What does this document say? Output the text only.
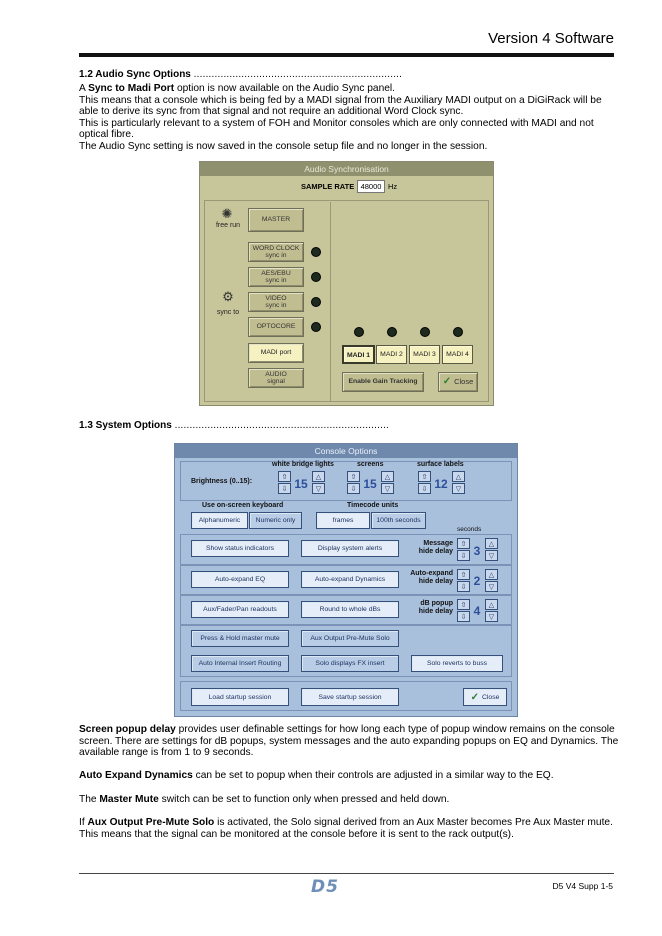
Version 4 Software
1.2 Audio Sync Options ......................................................................
A Sync to Madi Port option is now available on the Audio Sync panel.
This means that a console which is being fed by a MADI signal from the Auxiliary MADI output on a DiGiRack will be able to derive its sync from that signal and not require an additional Word Clock sync.
This is particularly relevant to a system of FOH and Monitor consoles which are only connected with MADI and not optical fibre.
The Audio Sync setting is now saved in the console setup file and no longer in the session.
Audio Synchronisation
SAMPLE RATE 48000 Hz
✺
free run
MASTER
WORD CLOCK
sync in
AES/EBU
sync in
VIDEO
sync in
⚙
sync to
OPTOCORE
MADI port
AUDIO
signal
MADI 1	MADI 2	MADI 3	MADI 4
Enable Gain Tracking	✓ Close
1.3 System Options ........................................................................
Console Options
white bridge lights	screens	surface labels
Brightness (0..15):
⇧
⇩ 15	△
▽
⇧
⇩ 15	△
▽
⇧
⇩ 12	△
▽
Use on-screen keyboard
Alphanumeric	Numeric only
Timecode units
frames	100th seconds
seconds
Show status indicators	Display system alerts
Message
hide delay
⇧
⇩ 3	△
▽
Auto-expand EQ	Auto-expand Dynamics
Auto-expand
hide delay
⇧
⇩ 2	△
▽
Aux/Fader/Pan readouts	Round to whole dBs
dB popup
hide delay
⇧
⇩ 4	△
▽
Press & Hold master mute	Aux Output Pre-Mute Solo
Auto Internal Insert Routing	Solo displays FX insert	Solo reverts to buss
Load startup session	Save startup session	✓ Close
Screen popup delay provides user definable settings for how long each type of popup window remains on the console screen. There are settings for dB popups, system messages and the auto expanding popups on EQ and Dynamics. The available range is from 1 to 9 seconds.
Auto Expand Dynamics can be set to popup when their controls are adjusted in a similar way to the EQ.
The Master Mute switch can be set to function only when pressed and held down.
If Aux Output Pre-Mute Solo is activated, the Solo signal derived from an Aux Master becomes Pre Aux Master mute. This means that the signal can be monitored at the console before it is sent to the rack output(s).
D5	D5 V4 Supp 1-5
